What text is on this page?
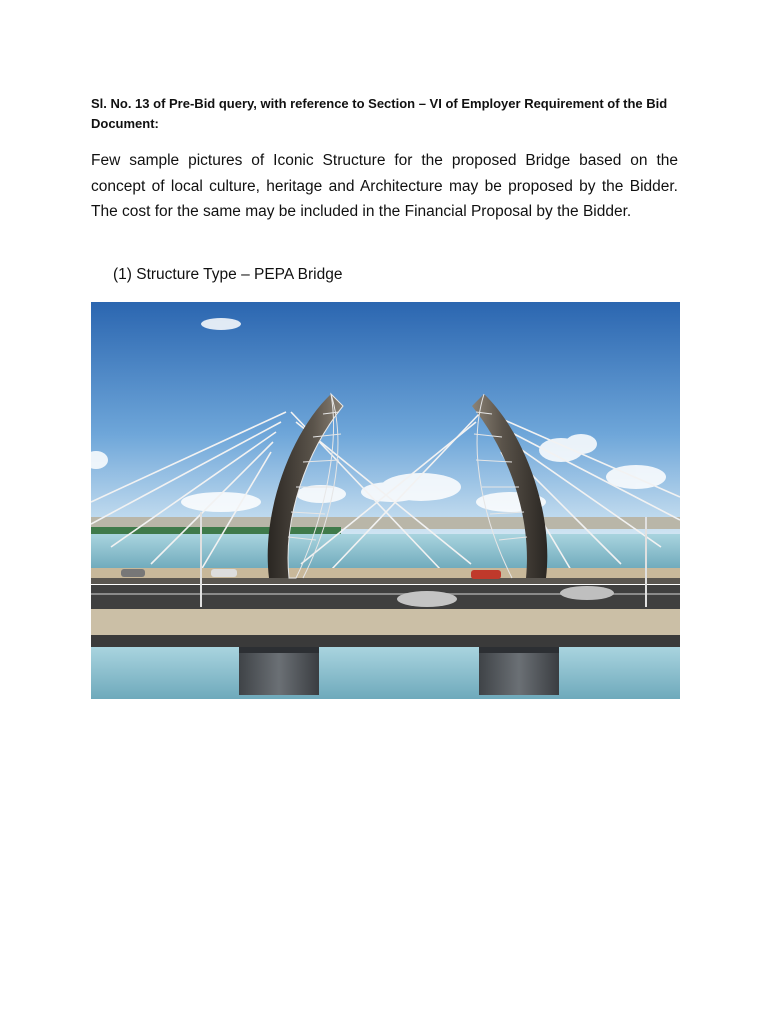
Sl. No. 13 of Pre-Bid query, with reference to Section – VI of Employer Requirement of the Bid Document:
Few sample pictures of Iconic Structure for the proposed Bridge based on the concept of local culture, heritage and Architecture may be proposed by the Bidder. The cost for the same may be included in the Financial Proposal by the Bidder.
(1) Structure Type – PEPA Bridge
